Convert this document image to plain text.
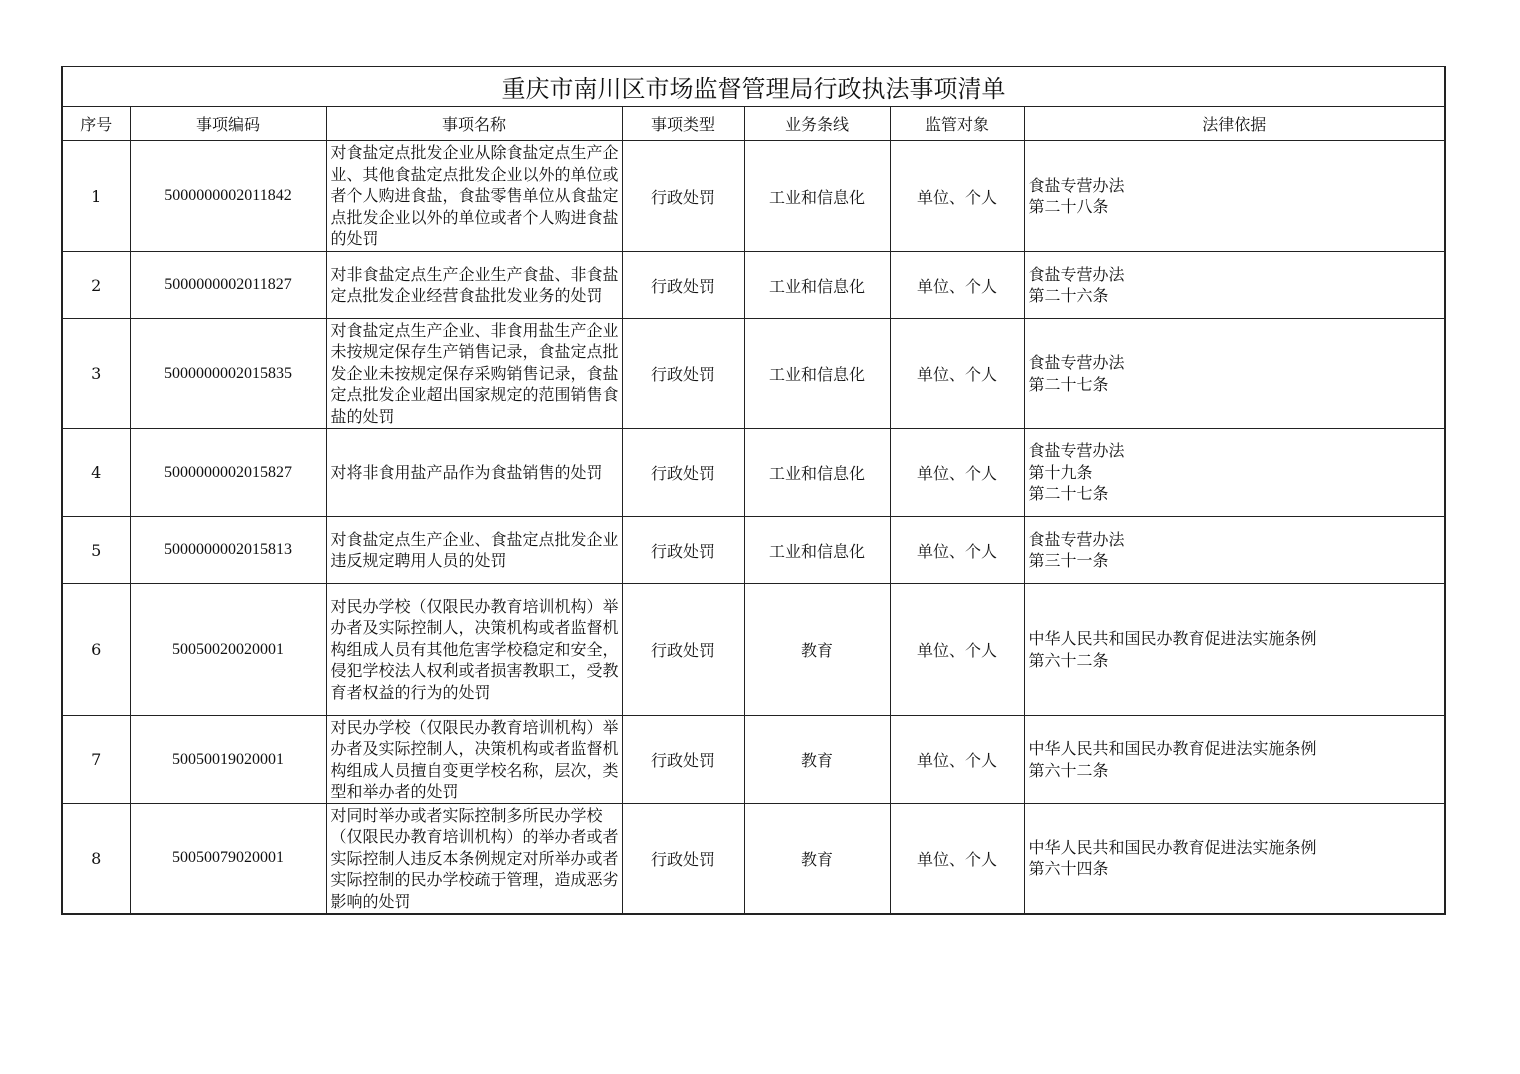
重庆市南川区市场监督管理局行政执法事项清单						
序号	事项编码	事项名称	事项类型	业务条线	监管对象	法律依据
1	5000000002011842	对食盐定点批发企业从除食盐定点生产企业、其他食盐定点批发企业以外的单位或者个人购进食盐，食盐零售单位从食盐定点批发企业以外的单位或者个人购进食盐的处罚	行政处罚	工业和信息化	单位、个人	食盐专营办法
第二十八条

2	5000000002011827	对非食盐定点生产企业生产食盐、非食盐定点批发企业经营食盐批发业务的处罚	行政处罚	工业和信息化	单位、个人	食盐专营办法
第二十六条

3	5000000002015835	对食盐定点生产企业、非食用盐生产企业未按规定保存生产销售记录，食盐定点批发企业未按规定保存采购销售记录，食盐定点批发企业超出国家规定的范围销售食盐的处罚	行政处罚	工业和信息化	单位、个人	食盐专营办法
第二十七条

4	5000000002015827	对将非食用盐产品作为食盐销售的处罚	行政处罚	工业和信息化	单位、个人	食盐专营办法
第十九条
第二十七条

5	5000000002015813	对食盐定点生产企业、食盐定点批发企业违反规定聘用人员的处罚	行政处罚	工业和信息化	单位、个人	食盐专营办法
第三十一条

6	50050020020001	对民办学校（仅限民办教育培训机构）举办者及实际控制人，决策机构或者监督机构组成人员有其他危害学校稳定和安全，侵犯学校法人权利或者损害教职工，受教育者权益的行为的处罚	行政处罚	教育	单位、个人	中华人民共和国民办教育促进法实施条例
第六十二条

7	50050019020001	对民办学校（仅限民办教育培训机构）举办者及实际控制人，决策机构或者监督机构组成人员擅自变更学校名称，层次，类型和举办者的处罚	行政处罚	教育	单位、个人	中华人民共和国民办教育促进法实施条例
第六十二条

8	50050079020001	对同时举办或者实际控制多所民办学校（仅限民办教育培训机构）的举办者或者实际控制人违反本条例规定对所举办或者实际控制的民办学校疏于管理，造成恶劣影响的处罚	行政处罚	教育	单位、个人	中华人民共和国民办教育促进法实施条例
第六十四条
